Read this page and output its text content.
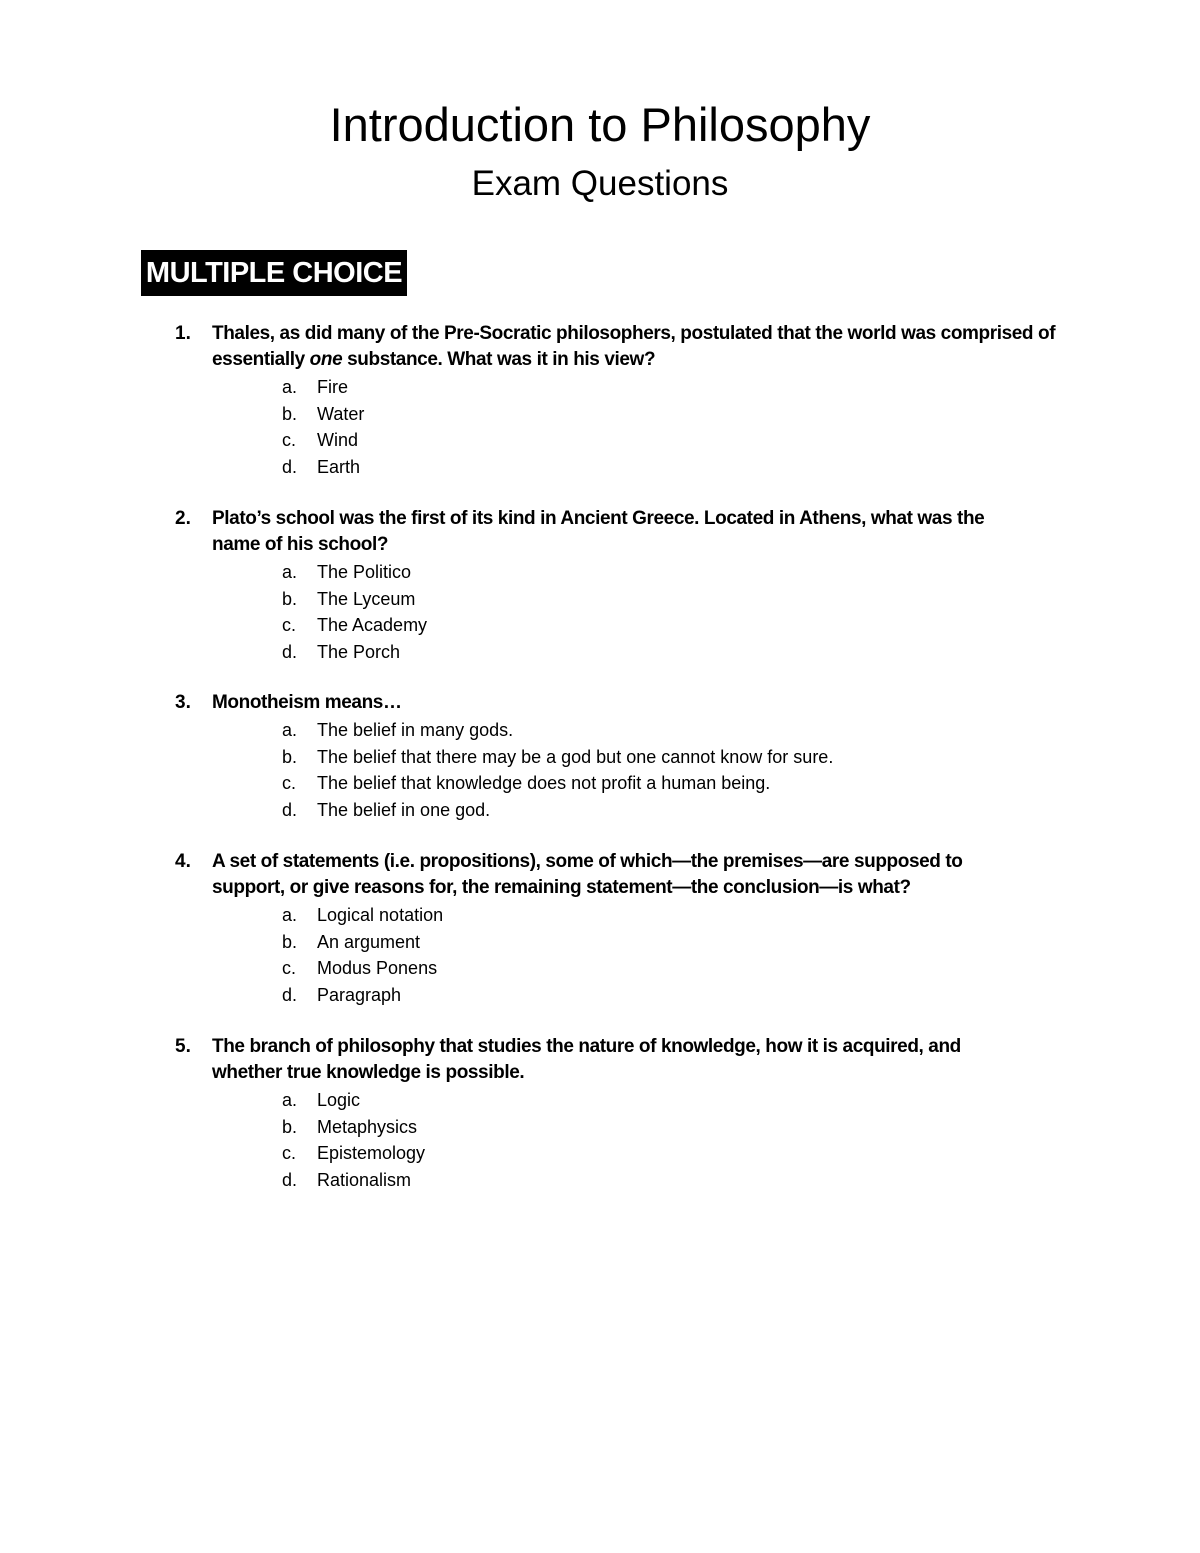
Introduction to Philosophy
Exam Questions
MULTIPLE CHOICE
1. Thales, as did many of the Pre-Socratic philosophers, postulated that the world was comprised of essentially one substance. What was it in his view?
a. Fire
b. Water
c. Wind
d. Earth
2. Plato’s school was the first of its kind in Ancient Greece. Located in Athens, what was the name of his school?
a. The Politico
b. The Lyceum
c. The Academy
d. The Porch
3. Monotheism means…
a. The belief in many gods.
b. The belief that there may be a god but one cannot know for sure.
c. The belief that knowledge does not profit a human being.
d. The belief in one god.
4. A set of statements (i.e. propositions), some of which—the premises—are supposed to support, or give reasons for, the remaining statement—the conclusion—is what?
a. Logical notation
b. An argument
c. Modus Ponens
d. Paragraph
5. The branch of philosophy that studies the nature of knowledge, how it is acquired, and whether true knowledge is possible.
a. Logic
b. Metaphysics
c. Epistemology
d. Rationalism
